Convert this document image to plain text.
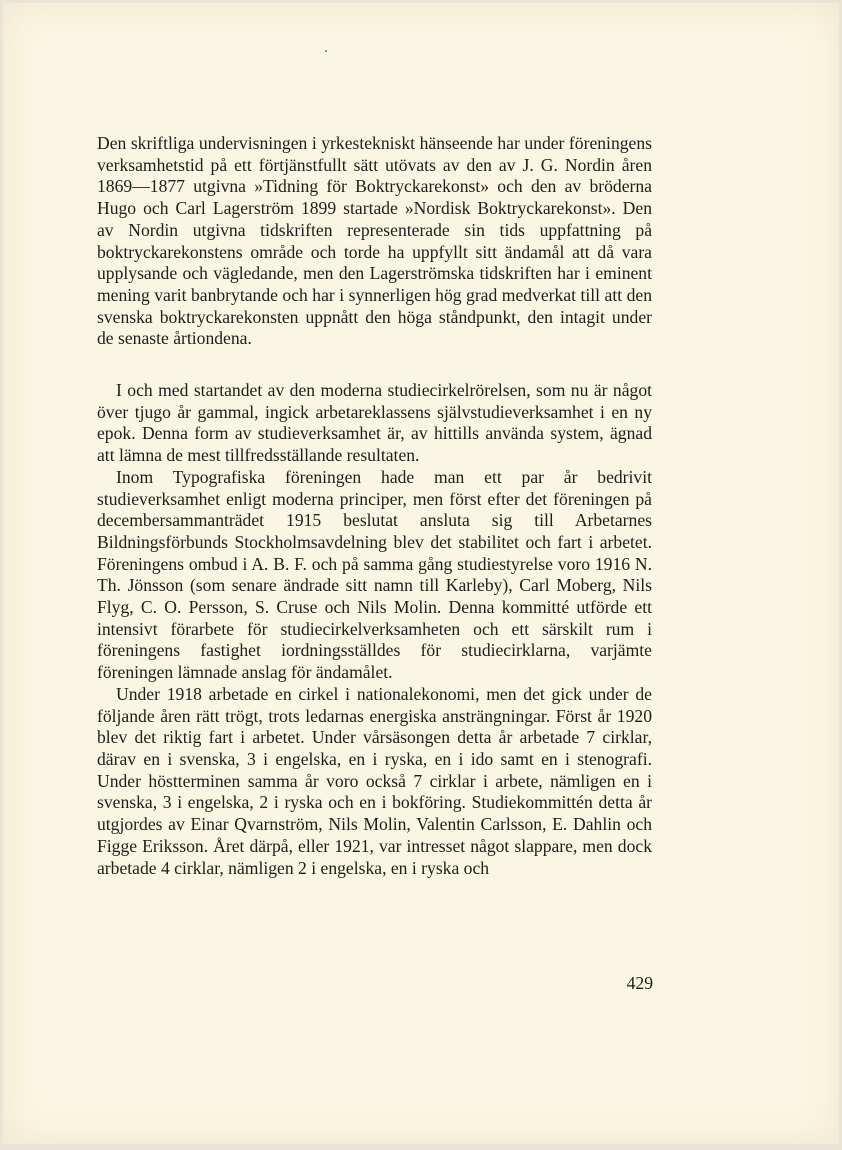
Den skriftliga undervisningen i yrkestekniskt hänseende har under föreningens verksamhetstid på ett förtjänstfullt sätt utövats av den av J. G. Nordin åren 1869—1877 utgivna »Tidning för Boktryckarekonst» och den av bröderna Hugo och Carl Lagerström 1899 startade »Nordisk Boktryckarekonst». Den av Nordin utgivna tidskriften representerade sin tids uppfattning på boktryckarekonstens område och torde ha uppfyllt sitt ändamål att då vara upplysande och vägledande, men den Lagerströmska tidskriften har i eminent mening varit banbrytande och har i synnerligen hög grad medverkat till att den svenska boktryckarekonsten uppnått den höga ståndpunkt, den intagit under de senaste årtiondena.

I och med startandet av den moderna studiecirkelrörelsen, som nu är något över tjugo år gammal, ingick arbetareklassens självstudieverksamhet i en ny epok. Denna form av studieverksamhet är, av hittills använda system, ägnad att lämna de mest tillfredsställande resultaten.

Inom Typografiska föreningen hade man ett par år bedrivit studieverksamhet enligt moderna principer, men först efter det föreningen på decembersammanträdet 1915 beslutat ansluta sig till Arbetarnes Bildningsförbunds Stockholmsavdelning blev det stabilitet och fart i arbetet. Föreningens ombud i A. B. F. och på samma gång studiestyrelse voro 1916 N. Th. Jönsson (som senare ändrade sitt namn till Karleby), Carl Moberg, Nils Flyg, C. O. Persson, S. Cruse och Nils Molin. Denna kommitté utförde ett intensivt förarbete för studiecirkelverksamheten och ett särskilt rum i föreningens fastighet iordningsställdes för studiecirklarna, varjämte föreningen lämnade anslag för ändamålet.

Under 1918 arbetade en cirkel i nationalekonomi, men det gick under de följande åren rätt trögt, trots ledarnas energiska ansträngningar. Först år 1920 blev det riktig fart i arbetet. Under vårsäsongen detta år arbetade 7 cirklar, därav en i svenska, 3 i engelska, en i ryska, en i ido samt en i stenografi. Under höstterminen samma år voro också 7 cirklar i arbete, nämligen en i svenska, 3 i engelska, 2 i ryska och en i bokföring. Studiekommittén detta år utgjordes av Einar Qvarnström, Nils Molin, Valentin Carlsson, E. Dahlin och Figge Eriksson. Året därpå, eller 1921, var intresset något slappare, men dock arbetade 4 cirklar, nämligen 2 i engelska, en i ryska och

429
